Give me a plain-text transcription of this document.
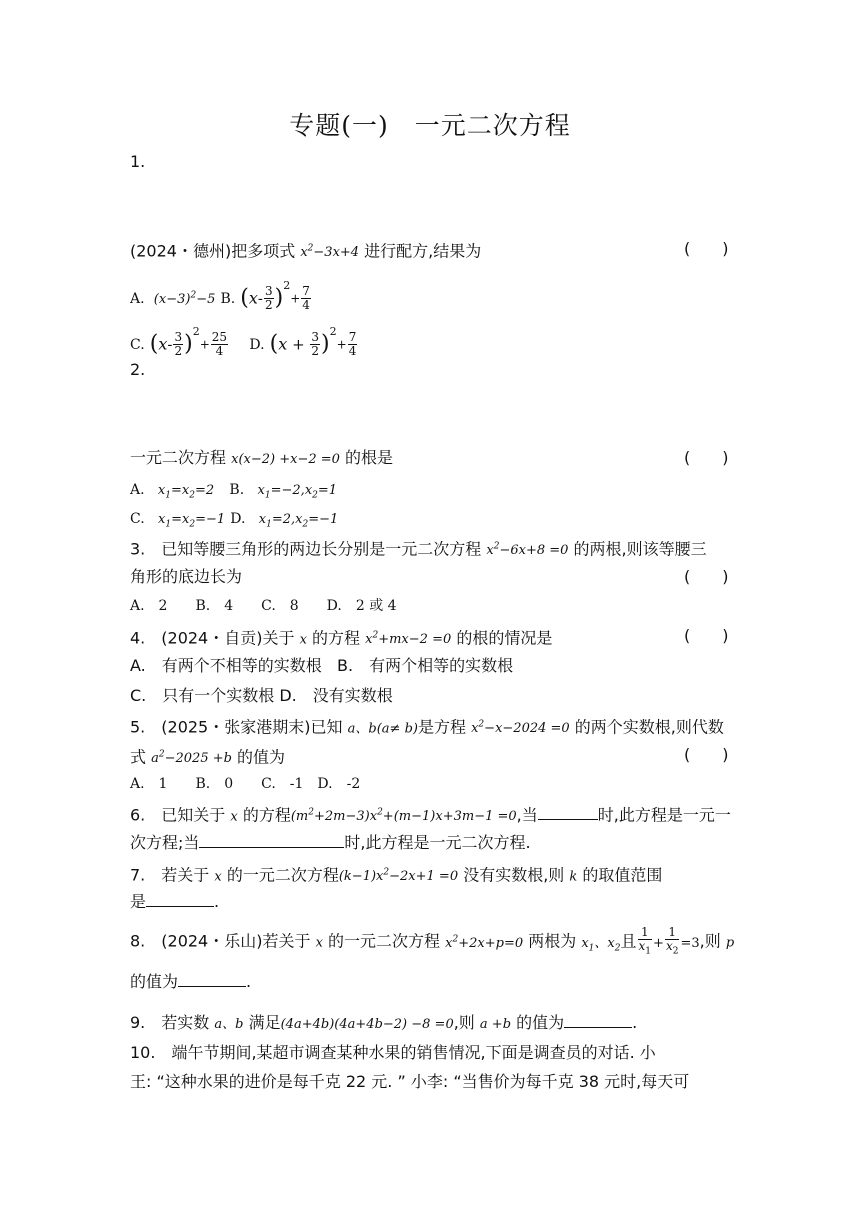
专题(一)　一元二次方程
1.
(2024・德州)把多项式 $x^2-3x+4$ 进行配方,结果为	(　　)
A.  $(x-3)^2-5$ B. $(x- \frac{3}{2} )^2+ \frac{7}{4}$
C. $(x- \frac{3}{2} )^2+ \frac{25}{4} D$. $(x + \frac{3}{2} )^2+ \frac{7}{4}$
2.
一元二次方程 x(x−2) +x−2 =0 的根是	(　　)
A.   $x_1=x_2=2$ B.   $x_1=-2,x_2=1$
C.   $x_1=x_2=-1$ D.   $x_1=2,x_2=-1$
3.　已知等腰三角形的两边长分别是一元二次方程 $x^2-6x+8 =0$ 的两根,则该等腰三
角形的底边长为	(　　)
A.　2　　B.　4　　C.　8　　D.　2 或 4
4.　(2024・自贡)关于 x 的方程 $x^2+mx-2 =0$ 的根的情况是	(　　)
A.　有两个不相等的实数根 B.　有两个相等的实数根
C.　只有一个实数根 D.　没有实数根
5.　(2025・张家港期末)已知 a、b(a≠ b)是方程 $x^2-x-2024 =0$ 的两个实数根,则代数
式 $a^2-2025 +b$ 的值为	(　　)
A.　1　　B.　0　　C.　-1　D.　-2
6.　已知关于 x 的方程$(m^2+2m-3)x^2+(m-1)x+3m-1 =0$,当	时,此方程是一元一
次方程;当	时,此方程是一元二次方程.
7.　若关于 x 的一元二次方程$(k-1)x^2-2x+1 =0$ 没有实数根,则 k 的取值范围
是	.
8.　(2024・乐山)若关于 x 的一元二次方程 $x^2+2x+p=0$ 两根为 $x_1$、$x_2$且 $\frac{1}{x_1} + \frac{1}{x_2} =3$,则 p
的值为	.
9.　若实数 a、b 满足(4a+4b)(4a+4b−2) −8 =0,则 a +b 的值为	.
10.　端午节期间,某超市调查某种水果的销售情况,下面是调查员的对话. 小
王: “这种水果的进价是每千克 22 元. ” 小李: “当售价为每千克 38 元时,每天可
